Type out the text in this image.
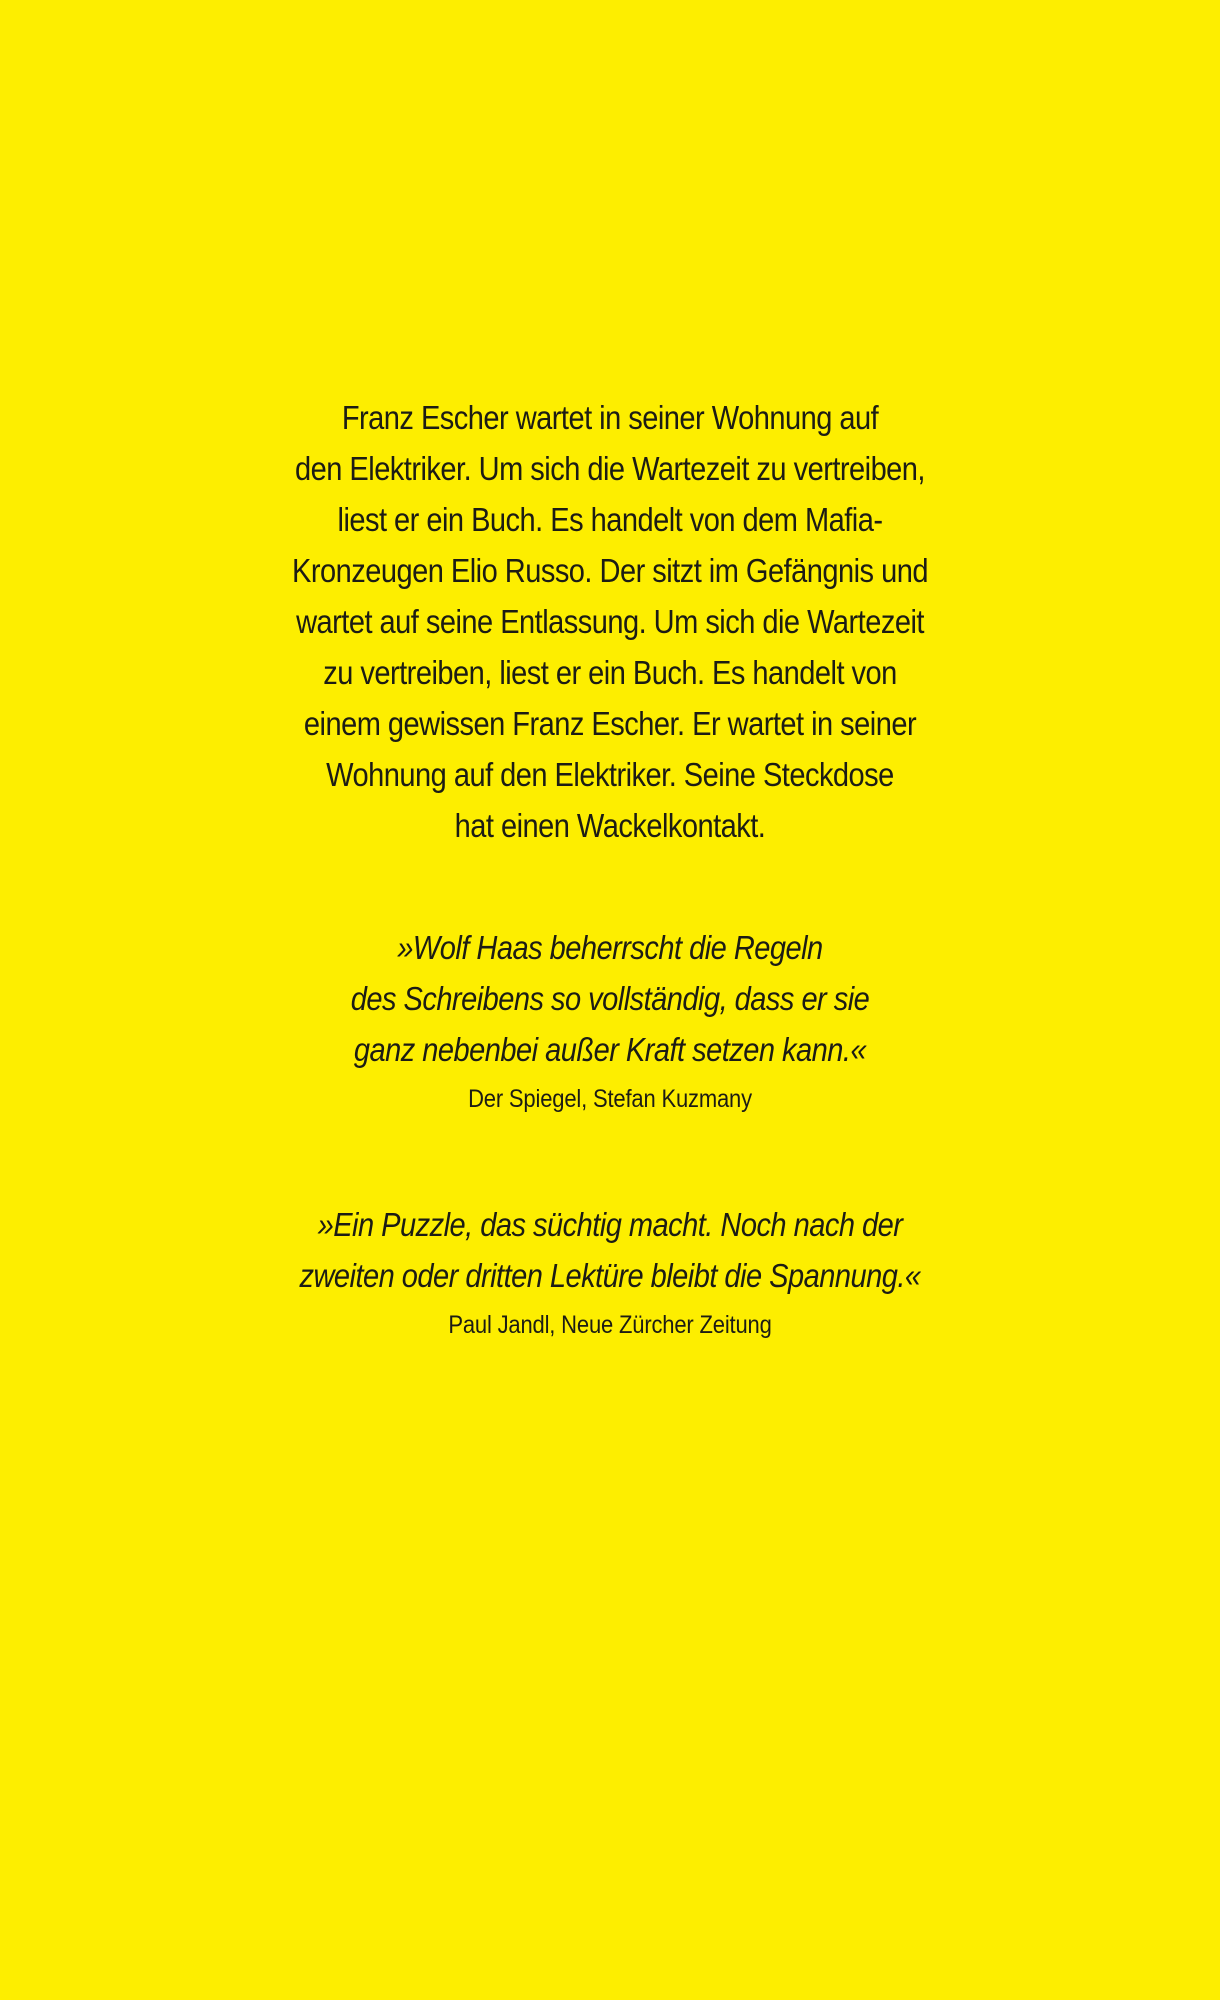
Franz Escher wartet in seiner Wohnung auf
den Elektriker. Um sich die Wartezeit zu vertreiben,
liest er ein Buch. Es handelt von dem Mafia-
Kronzeugen Elio Russo. Der sitzt im Gefängnis und
wartet auf seine Entlassung. Um sich die Wartezeit
zu vertreiben, liest er ein Buch. Es handelt von
einem gewissen Franz Escher. Er wartet in seiner
Wohnung auf den Elektriker. Seine Steckdose
hat einen Wackelkontakt.

»Wolf Haas beherrscht die Regeln
des Schreibens so vollständig, dass er sie
ganz nebenbei außer Kraft setzen kann.«
Der Spiegel, Stefan Kuzmany
»Ein Puzzle, das süchtig macht. Noch nach der
zweiten oder dritten Lektüre bleibt die Spannung.«
Paul Jandl, Neue Zürcher Zeitung
